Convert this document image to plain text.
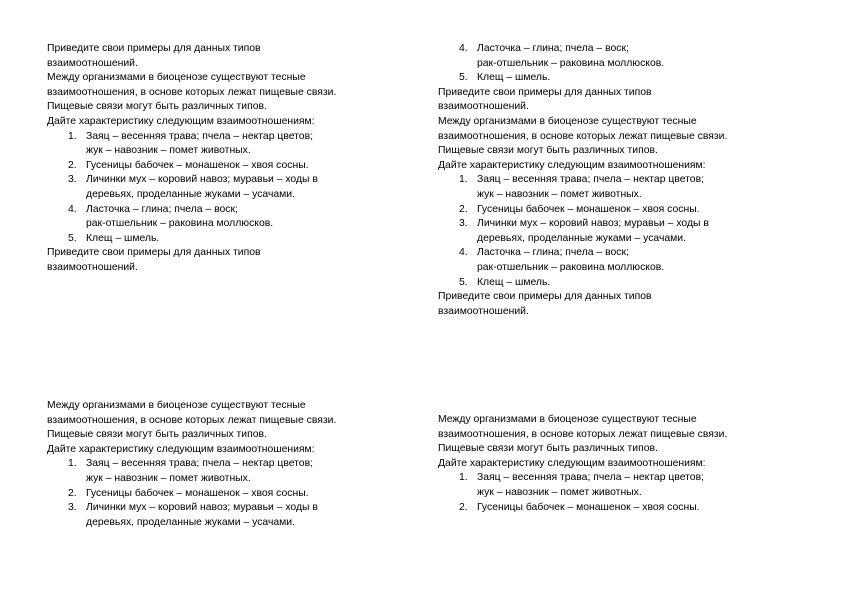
Приведите свои примеры для данных типов

взаимоотношений.

Между организмами в биоценозе существуют тесные

взаимоотношения, в основе которых лежат пищевые связи.

Пищевые связи могут быть различных типов.

Дайте характеристику следующим взаимоотношениям:

1. Заяц – весенняя трава; пчела – нектар цветов;
жук – навозник – помет животных.
2. Гусеницы бабочек – монашенок – хвоя сосны.
3. Личинки мух – коровий навоз; муравьи – ходы в
деревьях, проделанные жуками – усачами.
4. Ласточка – глина; пчела – воск;
рак-отшельник – раковина моллюсков.
5. Клещ – шмель.

Приведите свои примеры для данных типов

взаимоотношений.

4. Ласточка – глина; пчела – воск;
рак-отшельник – раковина моллюсков.
5. Клещ – шмель.

Приведите свои примеры для данных типов

взаимоотношений.

Между организмами в биоценозе существуют тесные

взаимоотношения, в основе которых лежат пищевые связи.

Пищевые связи могут быть различных типов.

Дайте характеристику следующим взаимоотношениям:

1. Заяц – весенняя трава; пчела – нектар цветов;
жук – навозник – помет животных.
2. Гусеницы бабочек – монашенок – хвоя сосны.
3. Личинки мух – коровий навоз; муравьи – ходы в
деревьях, проделанные жуками – усачами.
4. Ласточка – глина; пчела – воск;
рак-отшельник – раковина моллюсков.
5. Клещ – шмель.

Приведите свои примеры для данных типов

взаимоотношений.

Между организмами в биоценозе существуют тесные

взаимоотношения, в основе которых лежат пищевые связи.

Пищевые связи могут быть различных типов.

Дайте характеристику следующим взаимоотношениям:

1. Заяц – весенняя трава; пчела – нектар цветов;
жук – навозник – помет животных.
2. Гусеницы бабочек – монашенок – хвоя сосны.
3. Личинки мух – коровий навоз; муравьи – ходы в
деревьях, проделанные жуками – усачами.

Между организмами в биоценозе существуют тесные

взаимоотношения, в основе которых лежат пищевые связи.

Пищевые связи могут быть различных типов.

Дайте характеристику следующим взаимоотношениям:

1. Заяц – весенняя трава; пчела – нектар цветов;
жук – навозник – помет животных.
2. Гусеницы бабочек – монашенок – хвоя сосны.
